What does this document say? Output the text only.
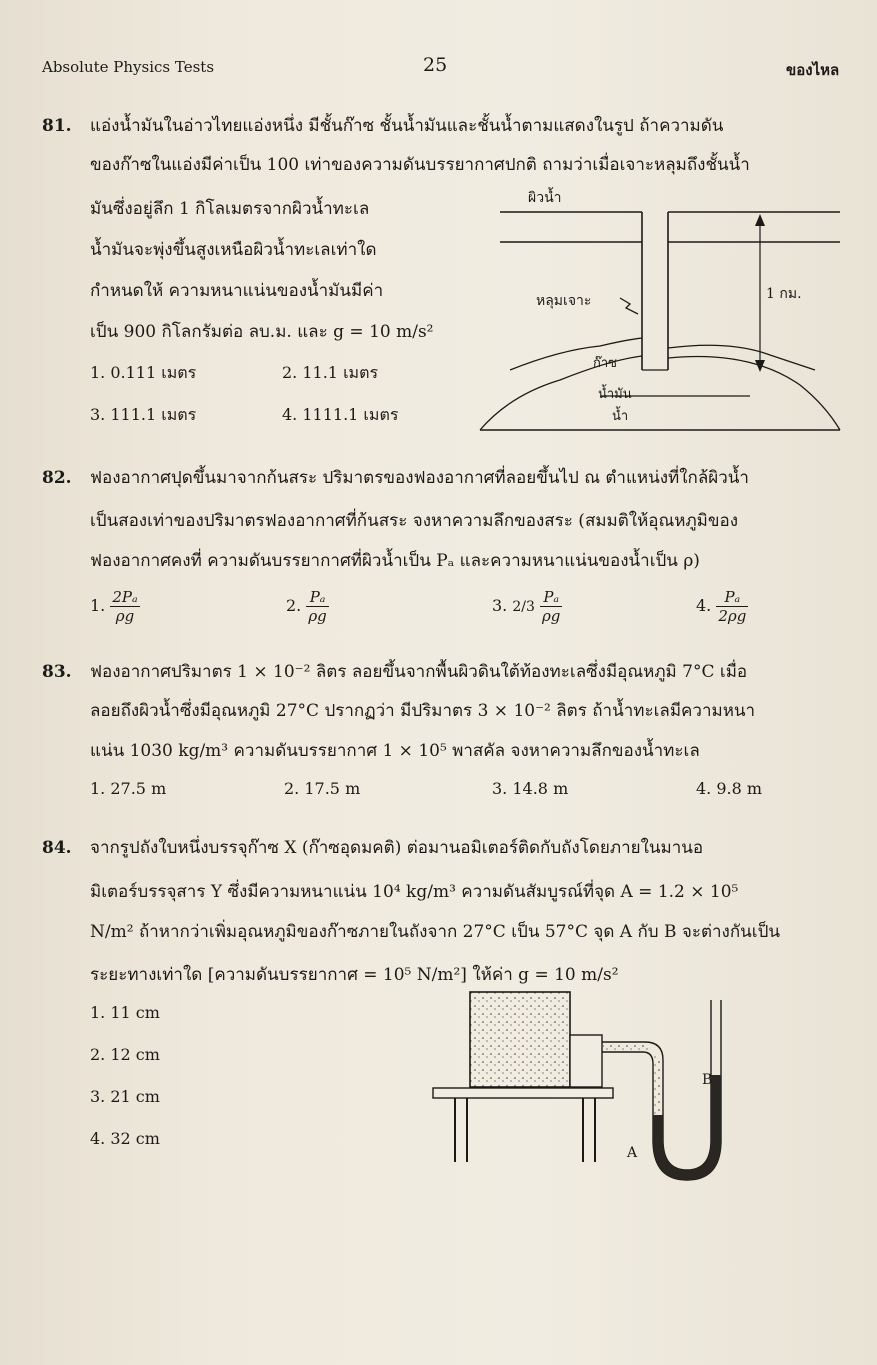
Absolute Physics Tests	25	ของไหล
81. แอ่งน้ำมันในอ่าวไทยแอ่งหนึ่ง มีชั้นก๊าซ ชั้นน้ำมันและชั้นน้ำตามแสดงในรูป ถ้าความดัน
ของก๊าซในแอ่งมีค่าเป็น 100 เท่าของความดันบรรยากาศปกติ ถามว่าเมื่อเจาะหลุมถึงชั้นน้ำ
มันซึ่งอยู่ลึก 1 กิโลเมตรจากผิวน้ำทะเล
น้ำมันจะพุ่งขึ้นสูงเหนือผิวน้ำทะเลเท่าใด
กำหนดให้ ความหนาแน่นของน้ำมันมีค่า
เป็น 900 กิโลกรัมต่อ ลบ.ม. และ g = 10 m/s²
1. 0.111 เมตร	2. 11.1 เมตร
3. 111.1 เมตร	4. 1111.1 เมตร
ผิวน้ำ
หลุมเจาะ	1 กม.
ก๊าซ
น้ำมัน
น้ำ
82. ฟองอากาศปุดขึ้นมาจากก้นสระ ปริมาตรของฟองอากาศที่ลอยขึ้นไป ณ ตำแหน่งที่ใกล้ผิวน้ำ
เป็นสองเท่าของปริมาตรฟองอากาศที่ก้นสระ จงหาความลึกของสระ (สมมติให้อุณหภูมิของ
ฟองอากาศคงที่ ความดันบรรยากาศที่ผิวน้ำเป็น Pₐ และความหนาแน่นของน้ำเป็น ρ)
1. $\frac{\text{2Pₐ}}{\rho g}$	2. $\frac{\text{Pₐ}}{\rho g}$	3. $2/3 \frac{\text{Pₐ}}{\rho g}$	4. $\frac{\text{Pₐ}}{2\rho g}$
83. ฟองอากาศปริมาตร 1 × 10⁻² ลิตร ลอยขึ้นจากพื้นผิวดินใต้ท้องทะเลซึ่งมีอุณหภูมิ 7°C เมื่อ
ลอยถึงผิวน้ำซึ่งมีอุณหภูมิ 27°C ปรากฏว่า มีปริมาตร 3 × 10⁻² ลิตร ถ้าน้ำทะเลมีความหนา
แน่น 1030 kg/m³ ความดันบรรยากาศ 1 × 10⁵ พาสคัล จงหาความลึกของน้ำทะเล
1. 27.5 m	2. 17.5 m	3. 14.8 m	4. 9.8 m
84. จากรูปถังใบหนึ่งบรรจุก๊าซ X (ก๊าซอุดมคติ) ต่อมานอมิเตอร์ติดกับถังโดยภายในมานอ
มิเตอร์บรรจุสาร Y ซึ่งมีความหนาแน่น 10⁴ kg/m³ ความดันสัมบูรณ์ที่จุด A = 1.2 × 10⁵
N/m² ถ้าหากว่าเพิ่มอุณหภูมิของก๊าซภายในถังจาก 27°C เป็น 57°C จุด A กับ B จะต่างกันเป็น
ระยะทางเท่าใด [ความดันบรรยากาศ = 10⁵ N/m²] ให้ค่า g = 10 m/s²
1. 11 cm
2. 12 cm
3. 21 cm
4. 32 cm
A
B
